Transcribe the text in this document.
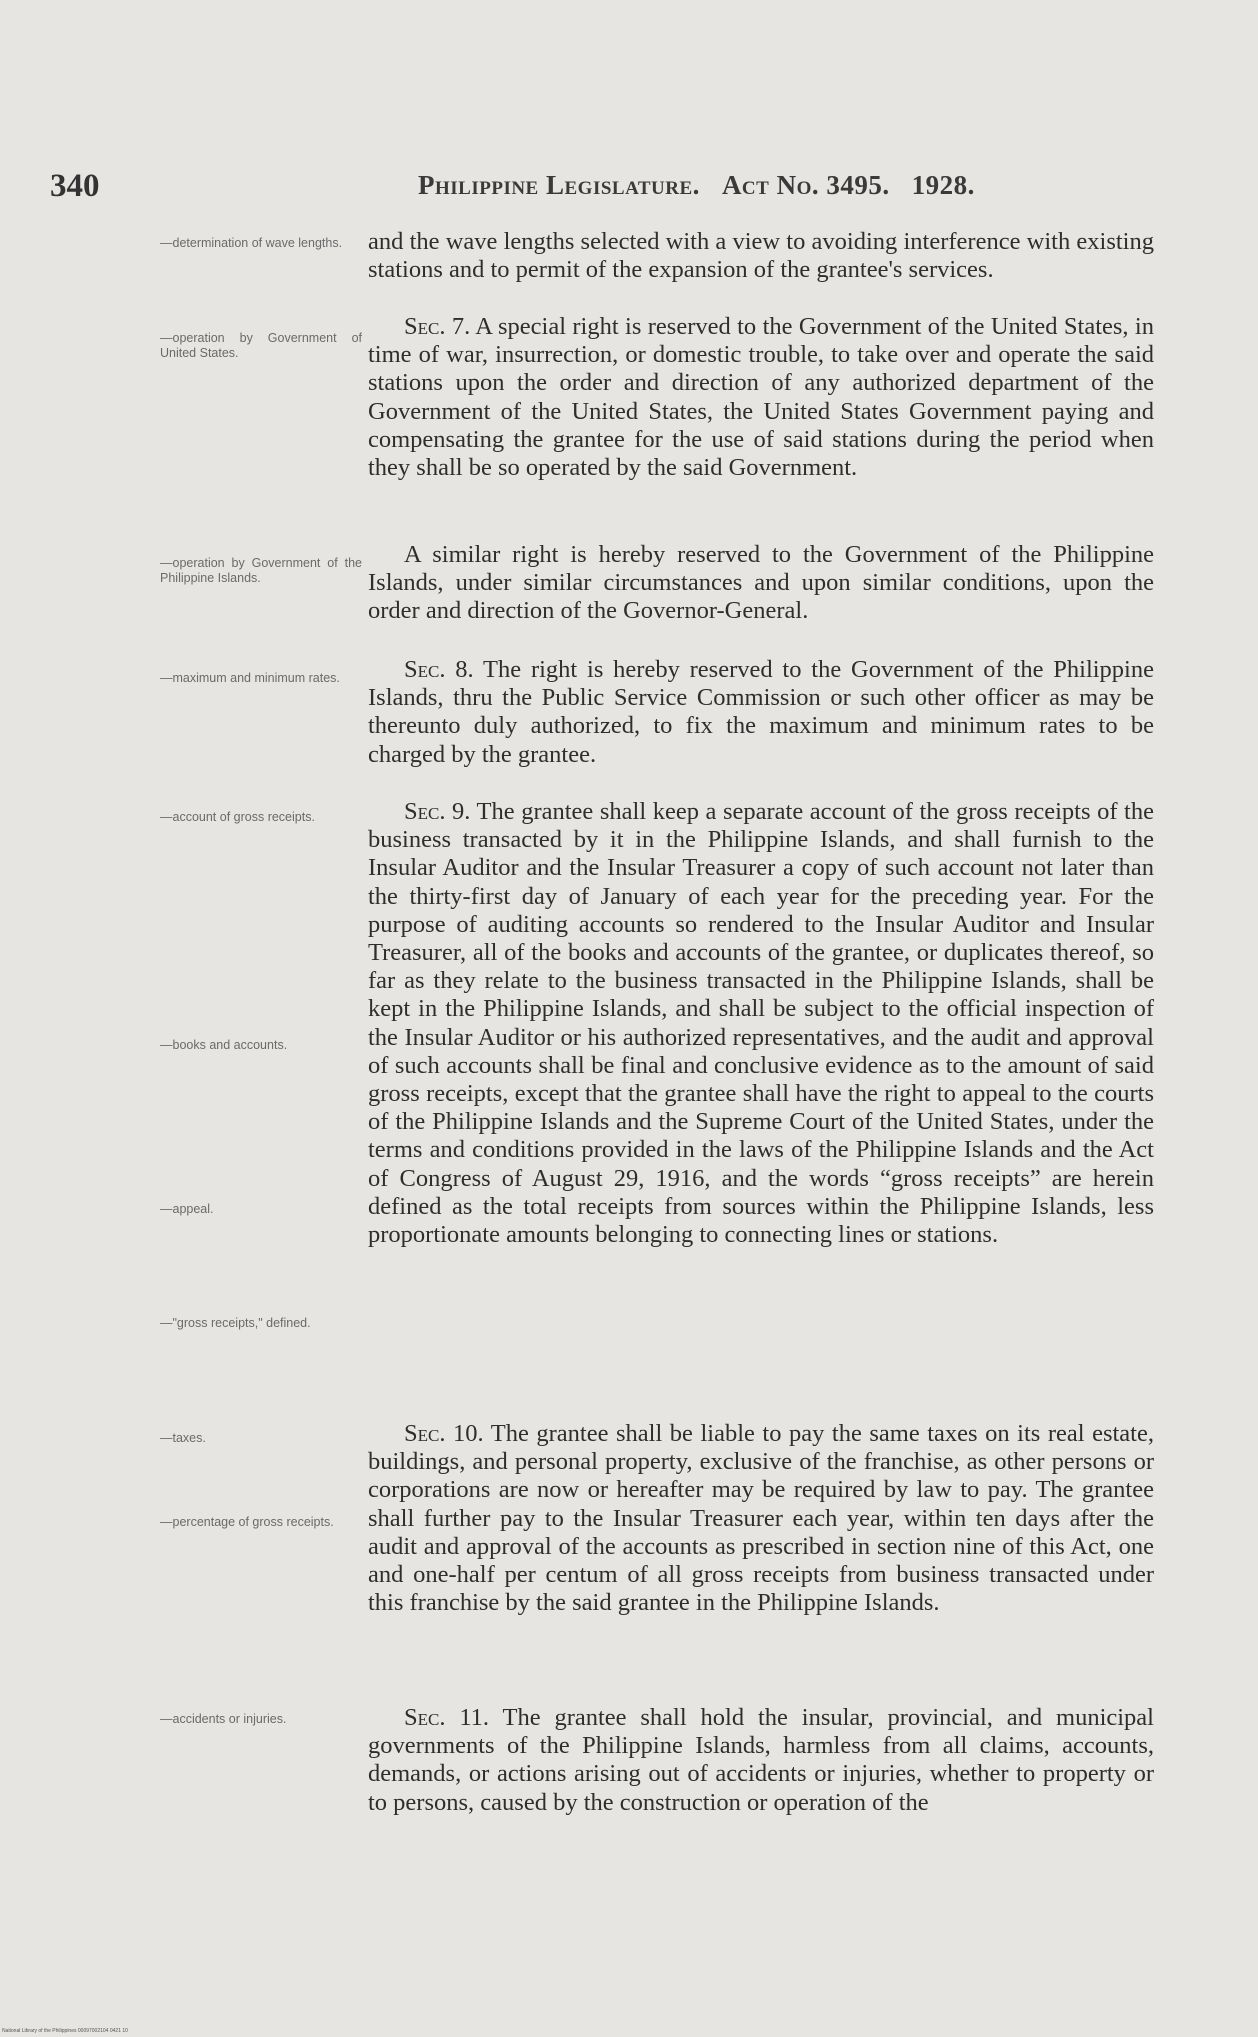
340	Philippine Legislature. Act No. 3495. 1928.
—determination of wave lengths.
—operation by Government of United States.
—operation by Government of the Philippine Islands.
—maximum and minimum rates.
—account of gross receipts.
—books and accounts.
—appeal.
—"gross receipts," defined.
—taxes.
—percentage of gross receipts.
—accidents or injuries.
and the wave lengths selected with a view to avoiding interference with existing stations and to permit of the expansion of the grantee's services.
Sec. 7. A special right is reserved to the Government of the United States, in time of war, insurrection, or domestic trouble, to take over and operate the said stations upon the order and direction of any authorized department of the Government of the United States, the United States Government paying and compensating the grantee for the use of said stations during the period when they shall be so operated by the said Government.
A similar right is hereby reserved to the Government of the Philippine Islands, under similar circumstances and upon similar conditions, upon the order and direction of the Governor-General.
Sec. 8. The right is hereby reserved to the Government of the Philippine Islands, thru the Public Service Commission or such other officer as may be thereunto duly authorized, to fix the maximum and minimum rates to be charged by the grantee.
Sec. 9. The grantee shall keep a separate account of the gross receipts of the business transacted by it in the Philippine Islands, and shall furnish to the Insular Auditor and the Insular Treasurer a copy of such account not later than the thirty-first day of January of each year for the preceding year. For the purpose of auditing accounts so rendered to the Insular Auditor and Insular Treasurer, all of the books and accounts of the grantee, or duplicates thereof, so far as they relate to the business transacted in the Philippine Islands, shall be kept in the Philippine Islands, and shall be subject to the official inspection of the Insular Auditor or his authorized representatives, and the audit and approval of such accounts shall be final and conclusive evidence as to the amount of said gross receipts, except that the grantee shall have the right to appeal to the courts of the Philippine Islands and the Supreme Court of the United States, under the terms and conditions provided in the laws of the Philippine Islands and the Act of Congress of August 29, 1916, and the words “gross receipts” are herein defined as the total receipts from sources within the Philippine Islands, less proportionate amounts belonging to connecting lines or stations.
Sec. 10. The grantee shall be liable to pay the same taxes on its real estate, buildings, and personal property, exclusive of the franchise, as other persons or corporations are now or hereafter may be required by law to pay. The grantee shall further pay to the Insular Treasurer each year, within ten days after the audit and approval of the accounts as prescribed in section nine of this Act, one and one-half per centum of all gross receipts from business transacted under this franchise by the said grantee in the Philippine Islands.
Sec. 11. The grantee shall hold the insular, provincial, and municipal governments of the Philippine Islands, harmless from all claims, accounts, demands, or actions arising out of accidents or injuries, whether to property or to persons, caused by the construction or operation of the
National Library of the Philippines 00097002104 0421 10
